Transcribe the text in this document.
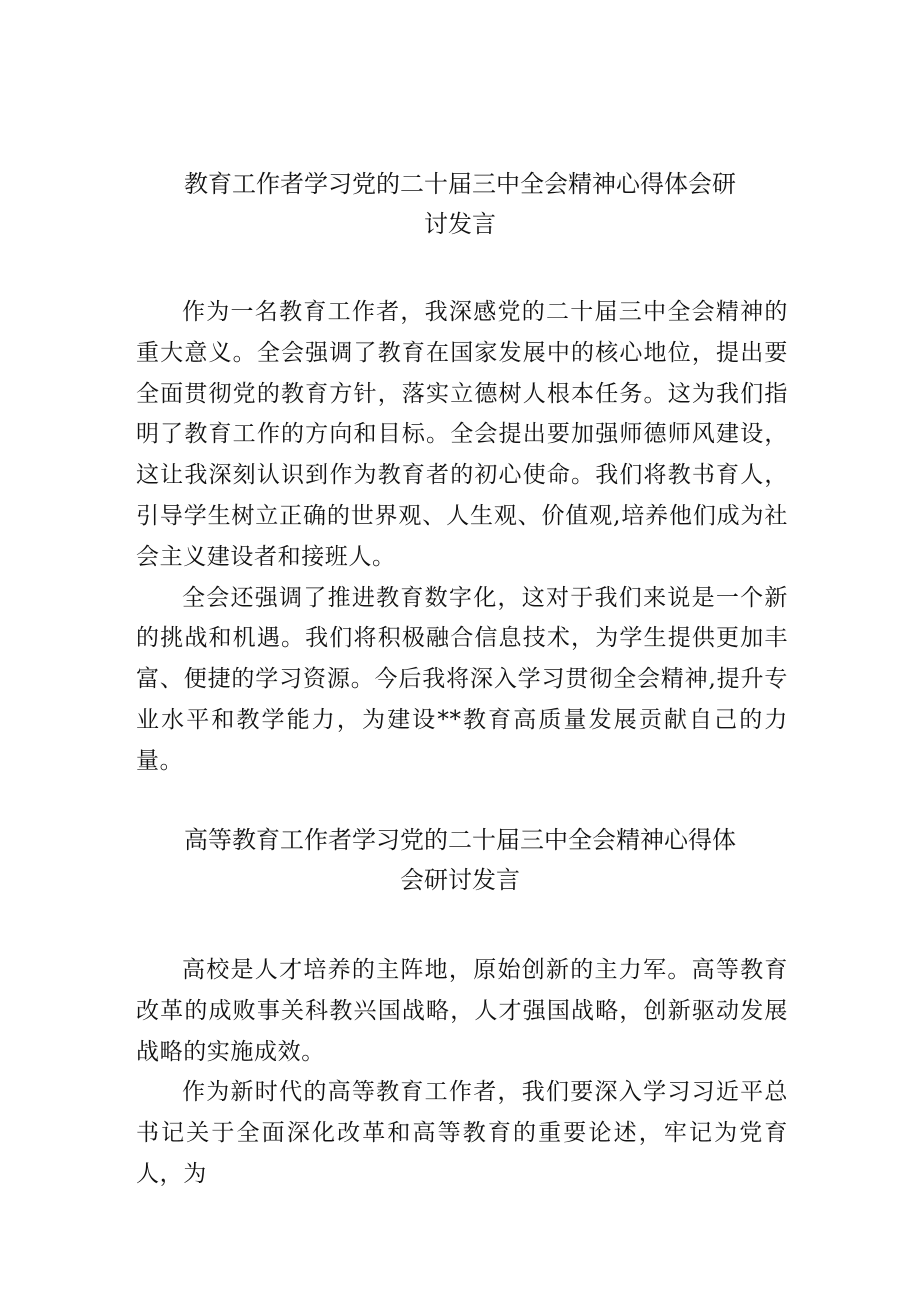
教育工作者学习党的二十届三中全会精神心得体会研
讨发言

作为一名教育工作者，我深感党的二十届三中全会精神的重大意义。全会强调了教育在国家发展中的核心地位，提出要全面贯彻党的教育方针，落实立德树人根本任务。这为我们指明了教育工作的方向和目标。全会提出要加强师德师风建设，这让我深刻认识到作为教育者的初心使命。我们将教书育人，引导学生树立正确的世界观、人生观、价值观,培养他们成为社会主义建设者和接班人。

全会还强调了推进教育数字化，这对于我们来说是一个新的挑战和机遇。我们将积极融合信息技术，为学生提供更加丰富、便捷的学习资源。今后我将深入学习贯彻全会精神,提升专业水平和教学能力，为建设**教育高质量发展贡献自己的力量。

高等教育工作者学习党的二十届三中全会精神心得体
会研讨发言

高校是人才培养的主阵地，原始创新的主力军。高等教育改革的成败事关科教兴国战略，人才强国战略，创新驱动发展战略的实施成效。

作为新时代的高等教育工作者，我们要深入学习习近平总书记关于全面深化改革和高等教育的重要论述，牢记为党育人，为
